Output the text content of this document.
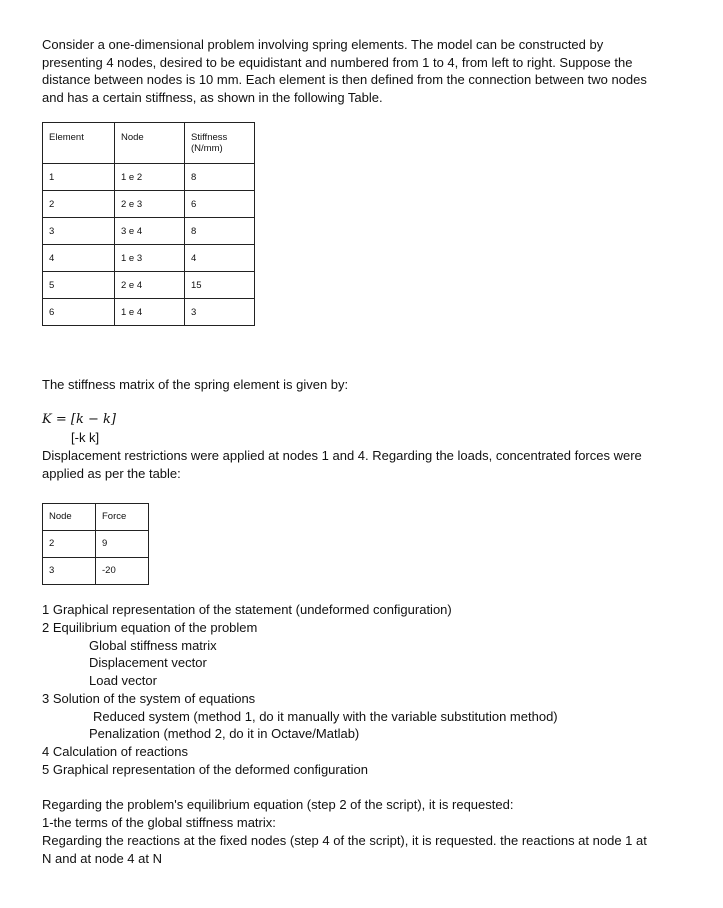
Consider a one-dimensional problem involving spring elements. The model can be constructed by
presenting 4 nodes, desired to be equidistant and numbered from 1 to 4, from left to right. Suppose the
distance between nodes is 10 mm. Each element is then defined from the connection between two nodes
and has a certain stiffness, as shown in the following Table.
Element	Node	Stiffness
(N/mm)

1	1 e 2	8

2	2 e 3	6

3	3 e 4	8

4	1 e 3	4

5	2 e 4	15

6	1 e 4	3
The stiffness matrix of the spring element is given by:
K = [k − k]
[-k k]
Displacement restrictions were applied at nodes 1 and 4. Regarding the loads, concentrated forces were
applied as per the table:
Node	Force

2	9

3	-20
1 Graphical representation of the statement (undeformed configuration)
2 Equilibrium equation of the problem
Global stiffness matrix
Displacement vector
Load vector
3 Solution of the system of equations
Reduced system (method 1, do it manually with the variable substitution method)
Penalization (method 2, do it in Octave/Matlab)
4 Calculation of reactions
5 Graphical representation of the deformed configuration
Regarding the problem's equilibrium equation (step 2 of the script), it is requested:
1-the terms of the global stiffness matrix:
Regarding the reactions at the fixed nodes (step 4 of the script), it is requested. the reactions at node 1 at
N and at node 4 at N
